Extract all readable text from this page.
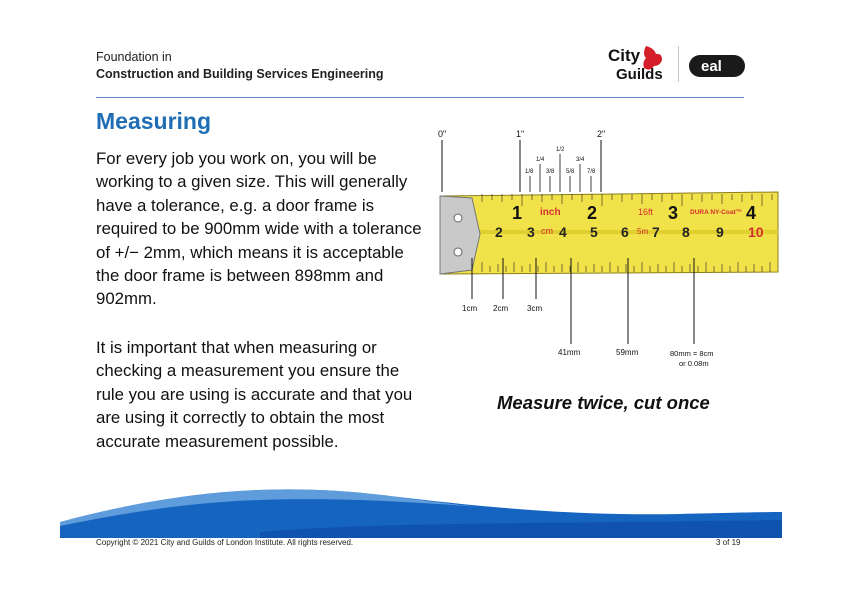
Foundation in
Construction and Building Services Engineering
City
Guilds	eal
Measuring

For every job you work on, you will be working to a given size. This will generally have a tolerance, e.g. a door frame is required to be 900mm wide with a tolerance of +/− 2mm, which means it is acceptable the door frame is between 898mm and 902mm.

It is important that when measuring or checking a measurement you ensure the rule you are using is accurate and that you are using it correctly to obtain the most accurate measurement possible.

0"	1"	2"
1/8
1/4
3/8
1/2
5/8
3/4
7/8
1 inch 2	16ft 3 DURA NY-Coat™ 4
2 3 cm 4 5 6 5m 7 8 9 10
1cm 2cm 3cm
41mm	59mm	80mm = 8cm
or 0.08m
Measure twice, cut once
Copyright © 2021 City and Guilds of London Institute. All rights reserved.	3 of 19
